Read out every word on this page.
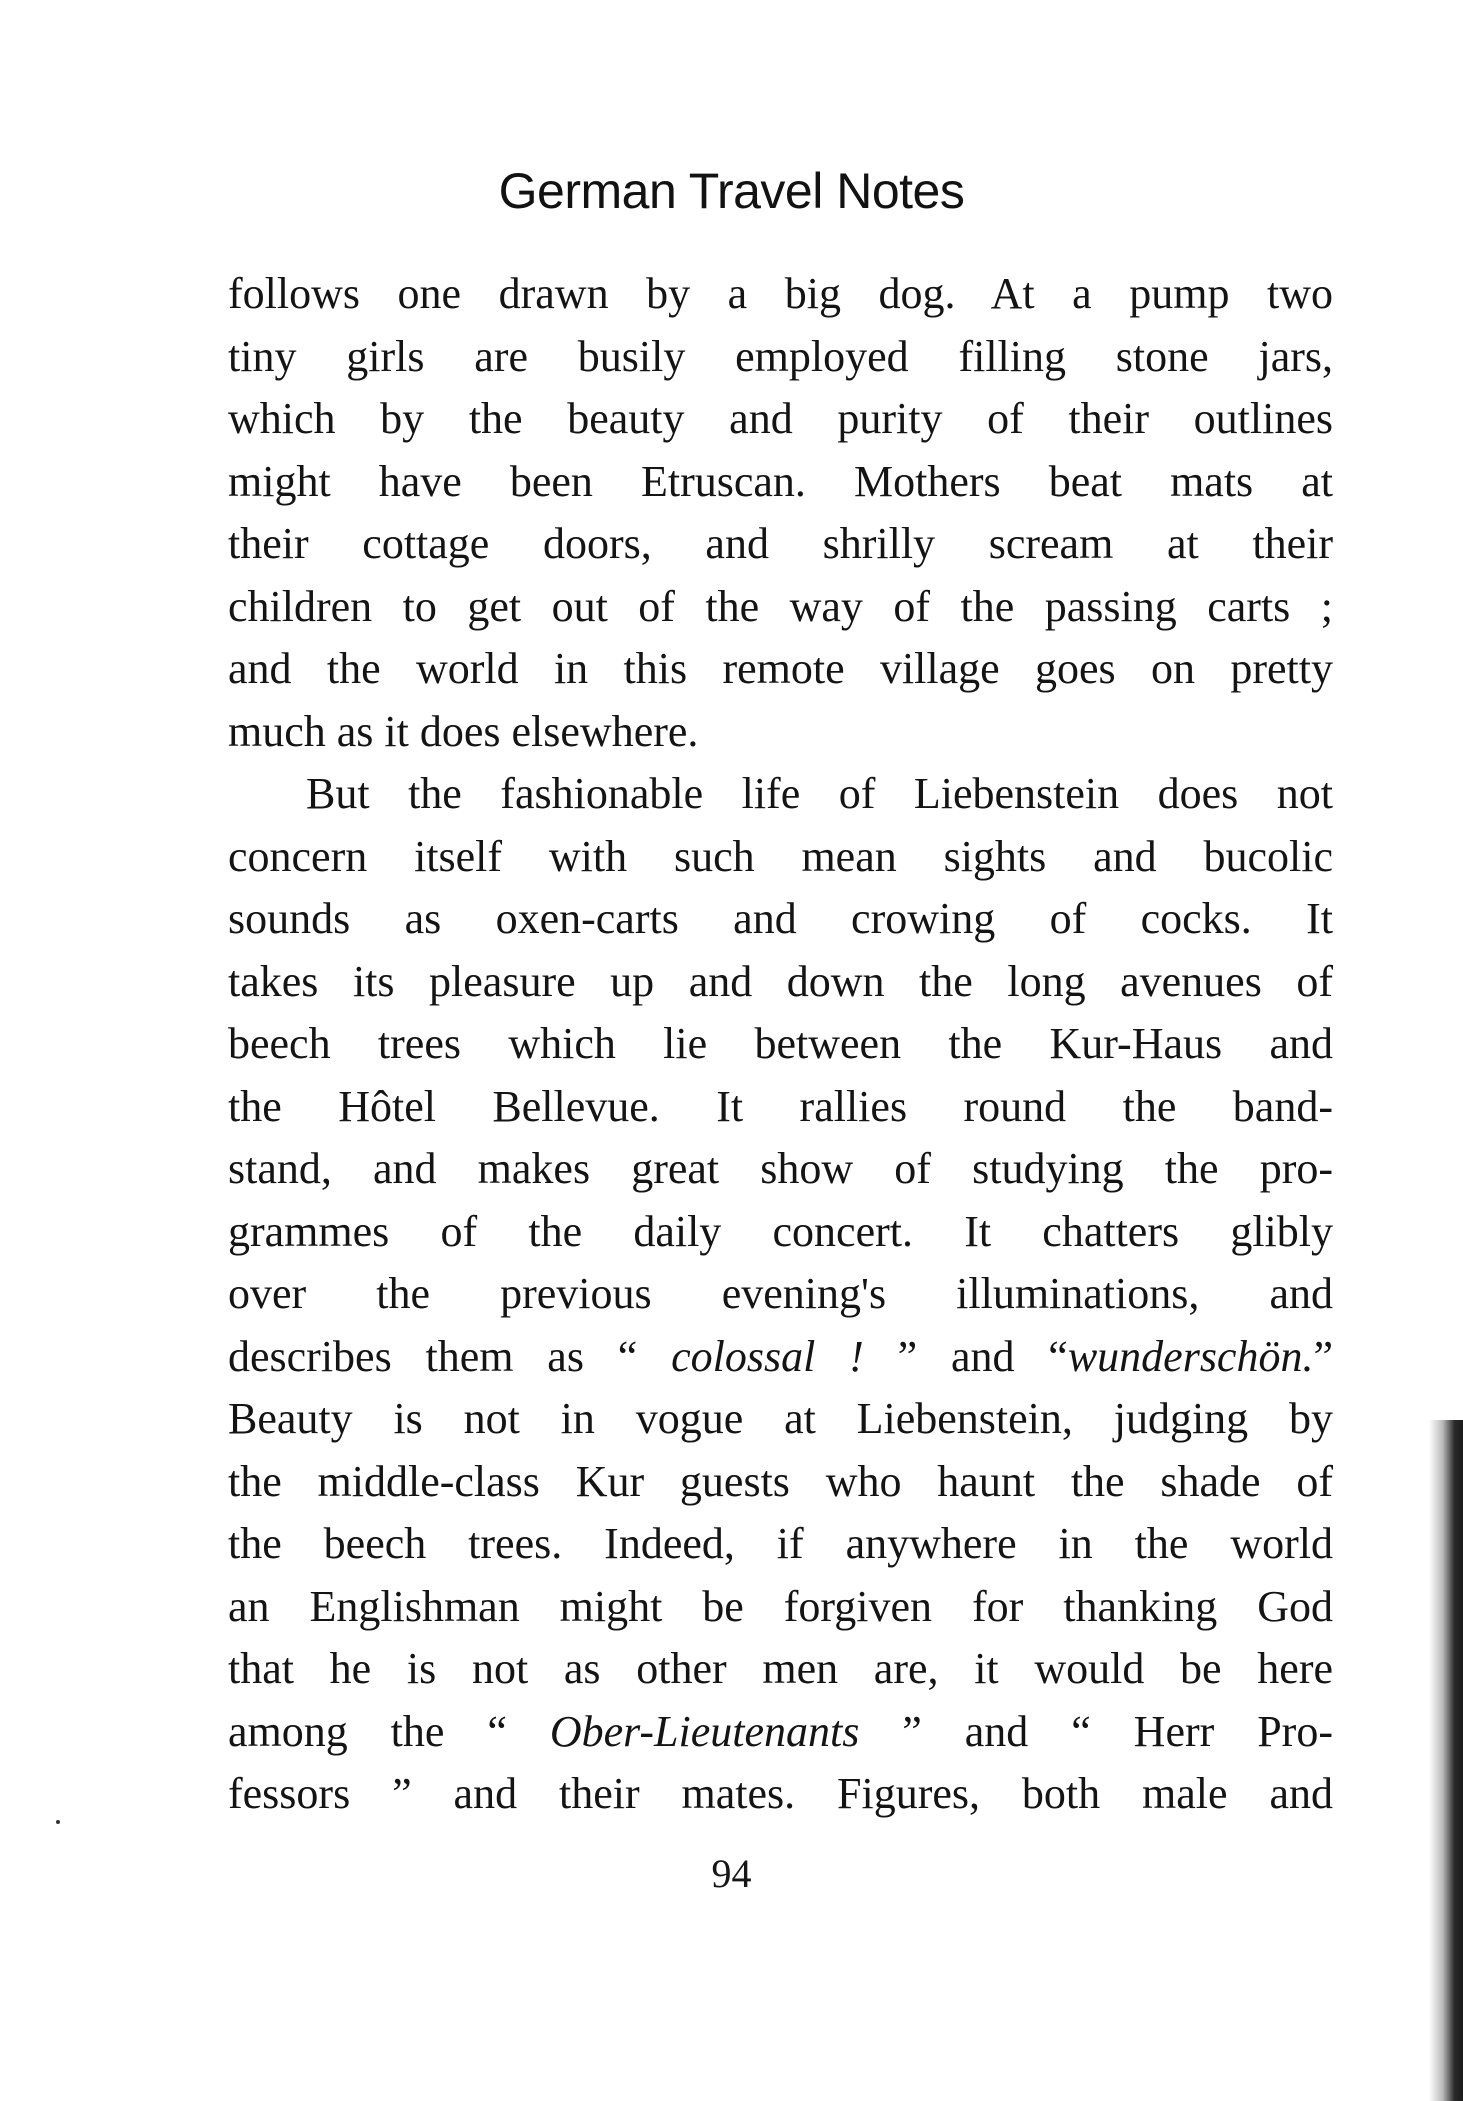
German Travel Notes
follows one drawn by a big dog. At a pump two
tiny girls are busily employed filling stone jars,
which by the beauty and purity of their outlines
might have been Etruscan. Mothers beat mats at
their cottage doors, and shrilly scream at their
children to get out of the way of the passing carts ;
and the world in this remote village goes on pretty
much as it does elsewhere.
But the fashionable life of Liebenstein does not
concern itself with such mean sights and bucolic
sounds as oxen-carts and crowing of cocks. It
takes its pleasure up and down the long avenues of
beech trees which lie between the Kur-Haus and
the Hôtel Bellevue. It rallies round the band-
stand, and makes great show of studying the pro-
grammes of the daily concert. It chatters glibly
over the previous evening's illuminations, and
describes them as “ colossal ! ” and “wunderschön.”
Beauty is not in vogue at Liebenstein, judging by
the middle-class Kur guests who haunt the shade of
the beech trees. Indeed, if anywhere in the world
an Englishman might be forgiven for thanking God
that he is not as other men are, it would be here
among the “ Ober-Lieutenants ” and “ Herr Pro-
fessors ” and their mates. Figures, both male and
94
